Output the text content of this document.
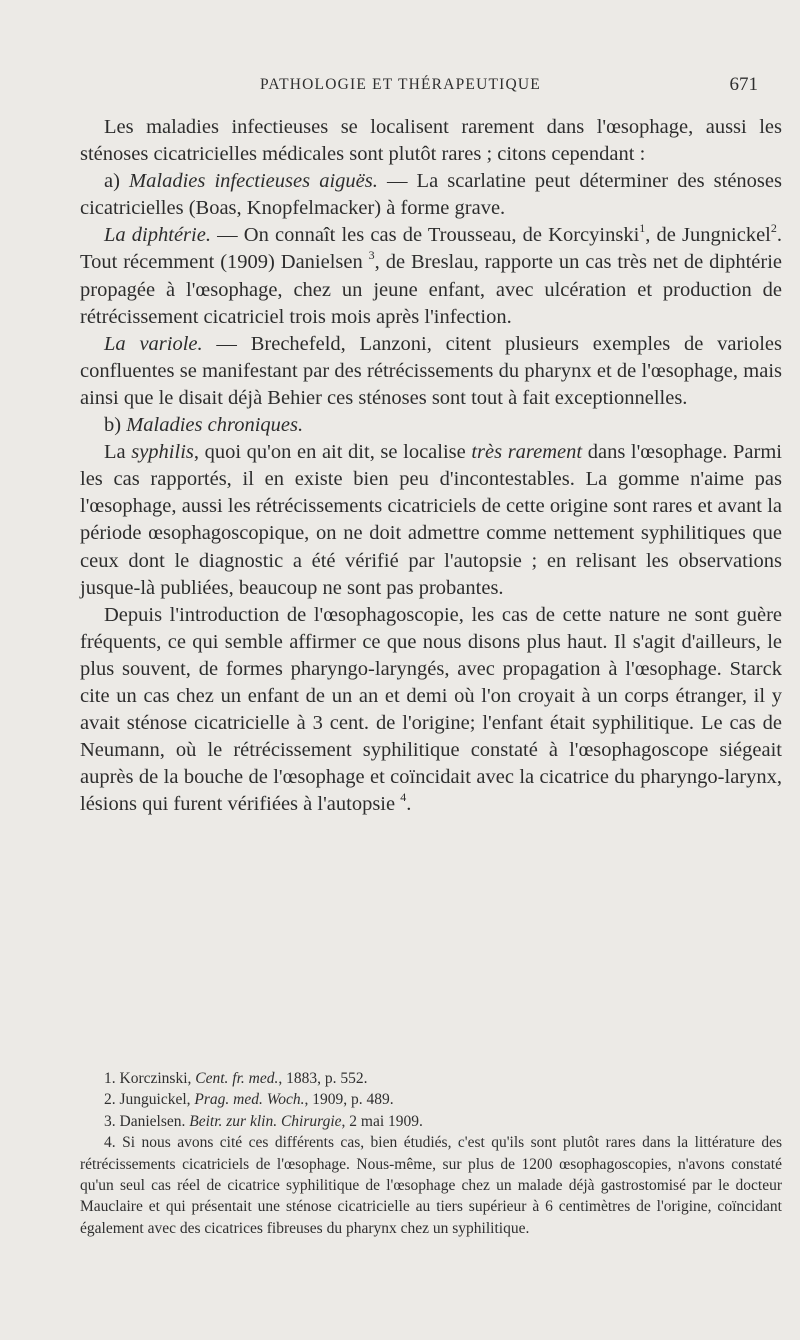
PATHOLOGIE ET THÉRAPEUTIQUE	671

Les maladies infectieuses se localisent rarement dans l'œsophage, aussi les sténoses cicatricielles médicales sont plutôt rares ; citons cependant :

a) Maladies infectieuses aiguës. — La scarlatine peut déterminer des sténoses cicatricielles (Boas, Knopfelmacker) à forme grave.

La diphtérie. — On connaît les cas de Trousseau, de Korcyinski$^1$, de Jungnickel$^2$. Tout récemment (1909) Danielsen $^3$, de Breslau, rapporte un cas très net de diphtérie propagée à l'œsophage, chez un jeune enfant, avec ulcération et production de rétrécissement cicatriciel trois mois après l'infection.

La variole. — Brechefeld, Lanzoni, citent plusieurs exemples de varioles confluentes se manifestant par des rétrécissements du pharynx et de l'œsophage, mais ainsi que le disait déjà Behier ces sténoses sont tout à fait exceptionnelles.

b) Maladies chroniques.

La syphilis, quoi qu'on en ait dit, se localise très rarement dans l'œsophage. Parmi les cas rapportés, il en existe bien peu d'incontestables. La gomme n'aime pas l'œsophage, aussi les rétrécissements cicatriciels de cette origine sont rares et avant la période œsophagoscopique, on ne doit admettre comme nettement syphilitiques que ceux dont le diagnostic a été vérifié par l'autopsie ; en relisant les observations jusque-là publiées, beaucoup ne sont pas probantes.

Depuis l'introduction de l'œsophagoscopie, les cas de cette nature ne sont guère fréquents, ce qui semble affirmer ce que nous disons plus haut. Il s'agit d'ailleurs, le plus souvent, de formes pharyngo-laryngés, avec propagation à l'œsophage. Starck cite un cas chez un enfant de un an et demi où l'on croyait à un corps étranger, il y avait sténose cicatricielle à 3 cent. de l'origine; l'enfant était syphilitique. Le cas de Neumann, où le rétrécissement syphilitique constaté à l'œsophagoscope siégeait auprès de la bouche de l'œsophage et coïncidait avec la cicatrice du pharyngo-larynx, lésions qui furent vérifiées à l'autopsie $^4$.

1. Korczinski, Cent. fr. med., 1883, p. 552.

2. Junguickel, Prag. med. Woch., 1909, p. 489.

3. Danielsen. Beitr. zur klin. Chirurgie, 2 mai 1909.

4. Si nous avons cité ces différents cas, bien étudiés, c'est qu'ils sont plutôt rares dans la littérature des rétrécissements cicatriciels de l'œsophage. Nous-même, sur plus de 1200 œsophagoscopies, n'avons constaté qu'un seul cas réel de cicatrice syphilitique de l'œsophage chez un malade déjà gastrostomisé par le docteur Mauclaire et qui présentait une sténose cicatricielle au tiers supérieur à 6 centimètres de l'origine, coïncidant également avec des cicatrices fibreuses du pharynx chez un syphilitique.
